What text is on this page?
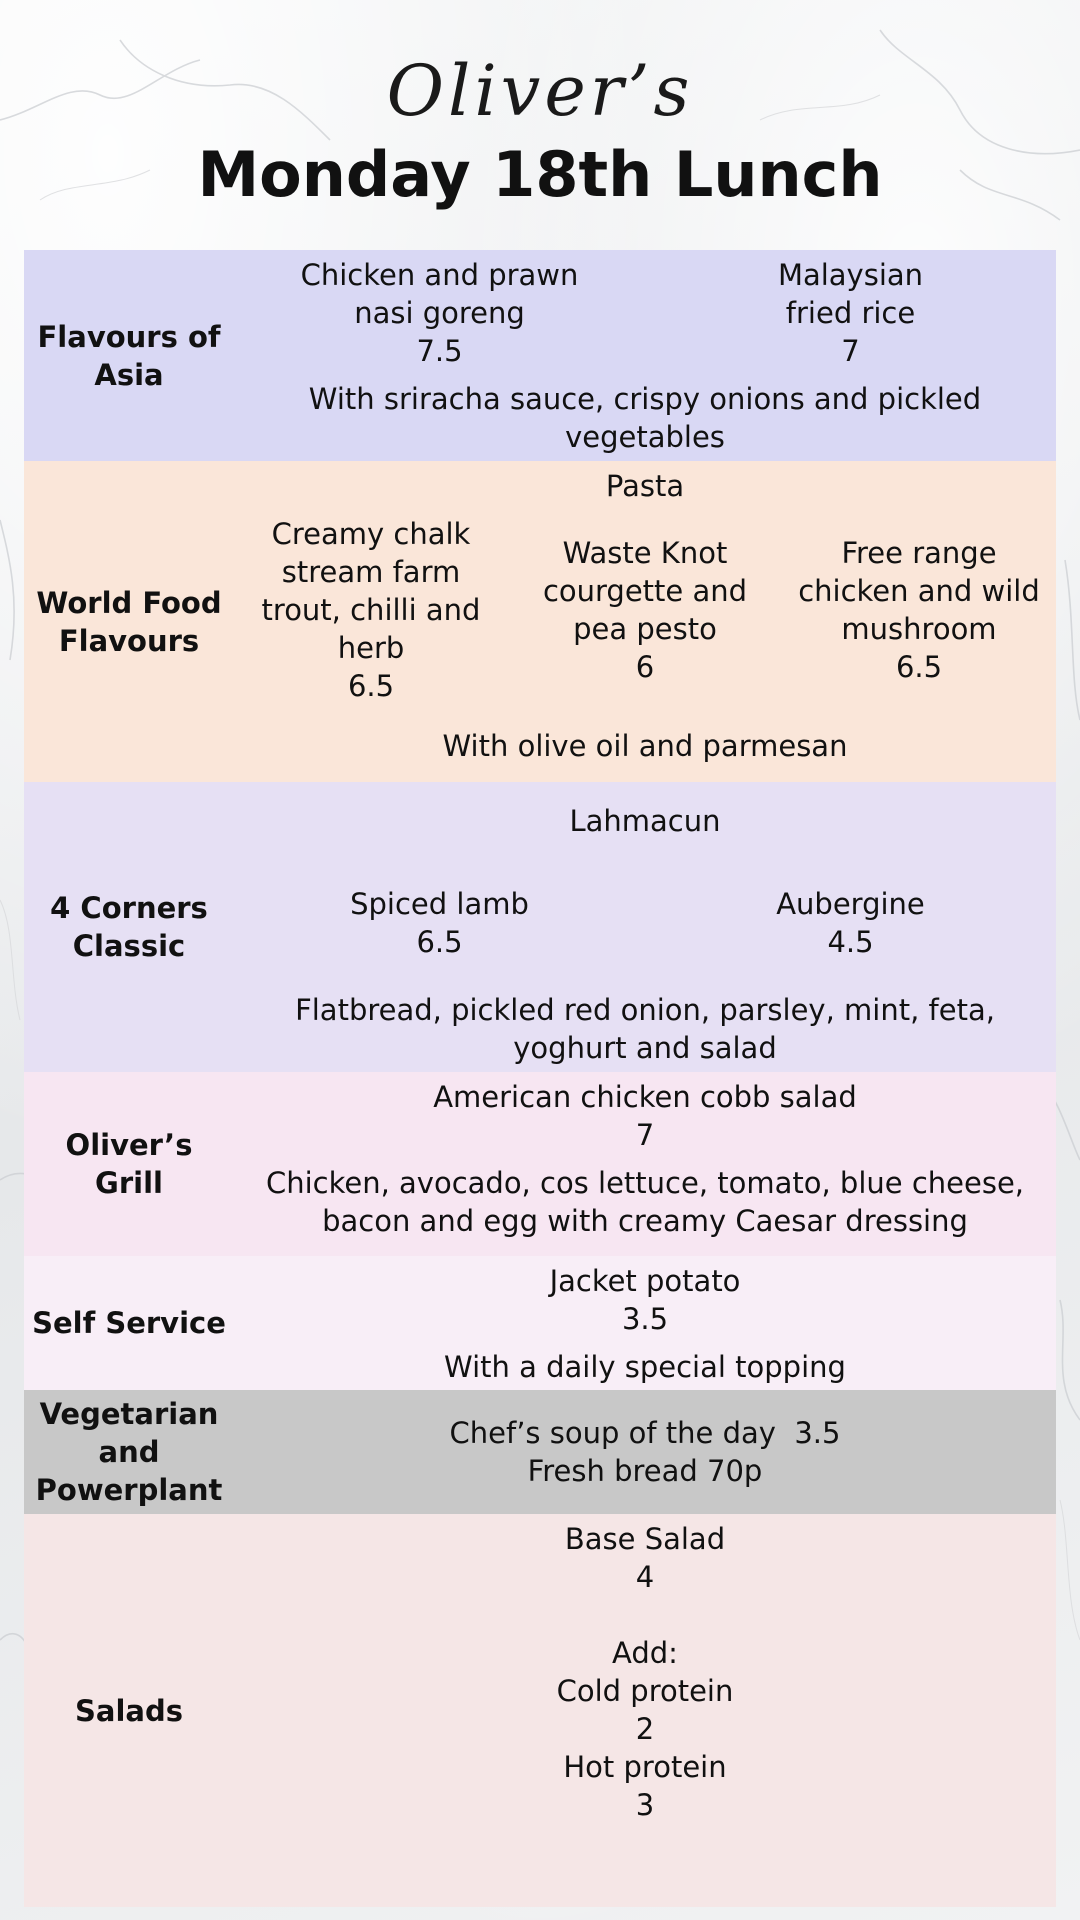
Oliver’s
Monday 18th Lunch
Flavours of Asia
Chicken and prawn nasi goreng
7.5
Malaysian fried rice
7
With sriracha sauce, crispy onions and pickled vegetables
World Food Flavours
Pasta
Creamy chalk stream farm trout, chilli and herb
6.5
Waste Knot courgette and pea pesto
6
Free range chicken and wild mushroom
6.5
With olive oil and parmesan
4 Corners Classic
Lahmacun
Spiced lamb
6.5
Aubergine
4.5
Flatbread, pickled red onion, parsley, mint, feta, yoghurt and salad
Oliver’s Grill
American chicken cobb salad
7
Chicken, avocado, cos lettuce, tomato, blue cheese, bacon and egg with creamy Caesar dressing
Self Service
Jacket potato
3.5
With a daily special topping
Vegetarian and Powerplant
Chef’s soup of the day  3.5
Fresh bread 70p
Salads
Base Salad
4
Add:
Cold protein
2
Hot protein
3
